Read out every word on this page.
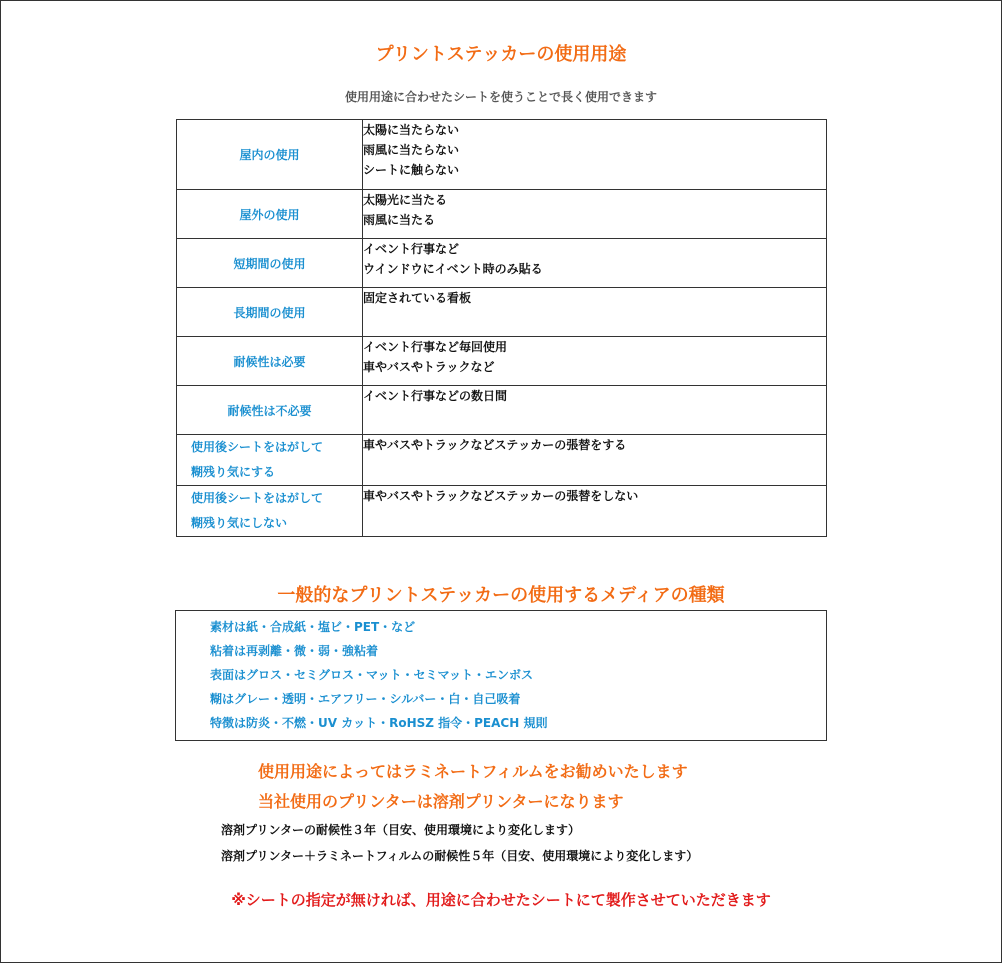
プリントステッカーの使用用途
使用用途に合わせたシートを使うことで長く使用できます
屋内の使用	太陽に当たらない
雨風に当たらない
シートに触らない

屋外の使用	太陽光に当たる
雨風に当たる

短期間の使用	イベント行事など
ウインドウにイベント時のみ貼る

長期間の使用	固定されている看板

耐候性は必要	イベント行事など毎回使用
車やバスやトラックなど

耐候性は不必要	イベント行事などの数日間

使用後シートをはがして
糊残り気にする	車やバスやトラックなどステッカーの張替をする

使用後シートをはがして
糊残り気にしない	車やバスやトラックなどステッカーの張替をしない
一般的なプリントステッカーの使用するメディアの種類
素材は紙・合成紙・塩ビ・PET・など
粘着は再剥離・微・弱・強粘着
表面はグロス・セミグロス・マット・セミマット・エンボス
糊はグレー・透明・エアフリー・シルバー・白・自己吸着
特徴は防炎・不燃・UV カット・RoHSZ 指令・PEACH 規則
使用用途によってはラミネートフィルムをお勧めいたします
当社使用のプリンターは溶剤プリンターになります
溶剤プリンターの耐候性３年（目安、使用環境により変化します）
溶剤プリンター＋ラミネートフィルムの耐候性５年（目安、使用環境により変化します）
※シートの指定が無ければ、用途に合わせたシートにて製作させていただきます
